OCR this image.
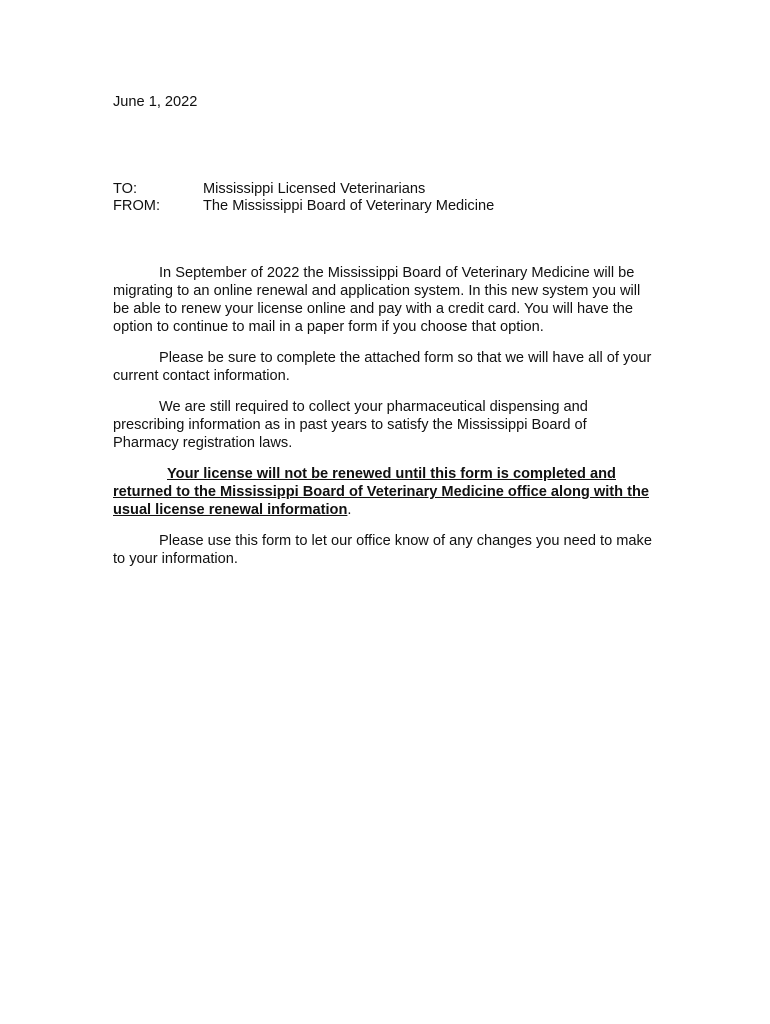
June 1, 2022
TO:	Mississippi Licensed Veterinarians
FROM:	The Mississippi Board of Veterinary Medicine

In September of 2022 the Mississippi Board of Veterinary Medicine will be migrating to an online renewal and application system. In this new system you will be able to renew your license online and pay with a credit card. You will have the option to continue to mail in a paper form if you choose that option.

Please be sure to complete the attached form so that we will have all of your current contact information.

We are still required to collect your pharmaceutical dispensing and prescribing information as in past years to satisfy the Mississippi Board of Pharmacy registration laws.

Your license will not be renewed until this form is completed and returned to the Mississippi Board of Veterinary Medicine office along with the usual license renewal information.

Please use this form to let our office know of any changes you need to make to your information.
